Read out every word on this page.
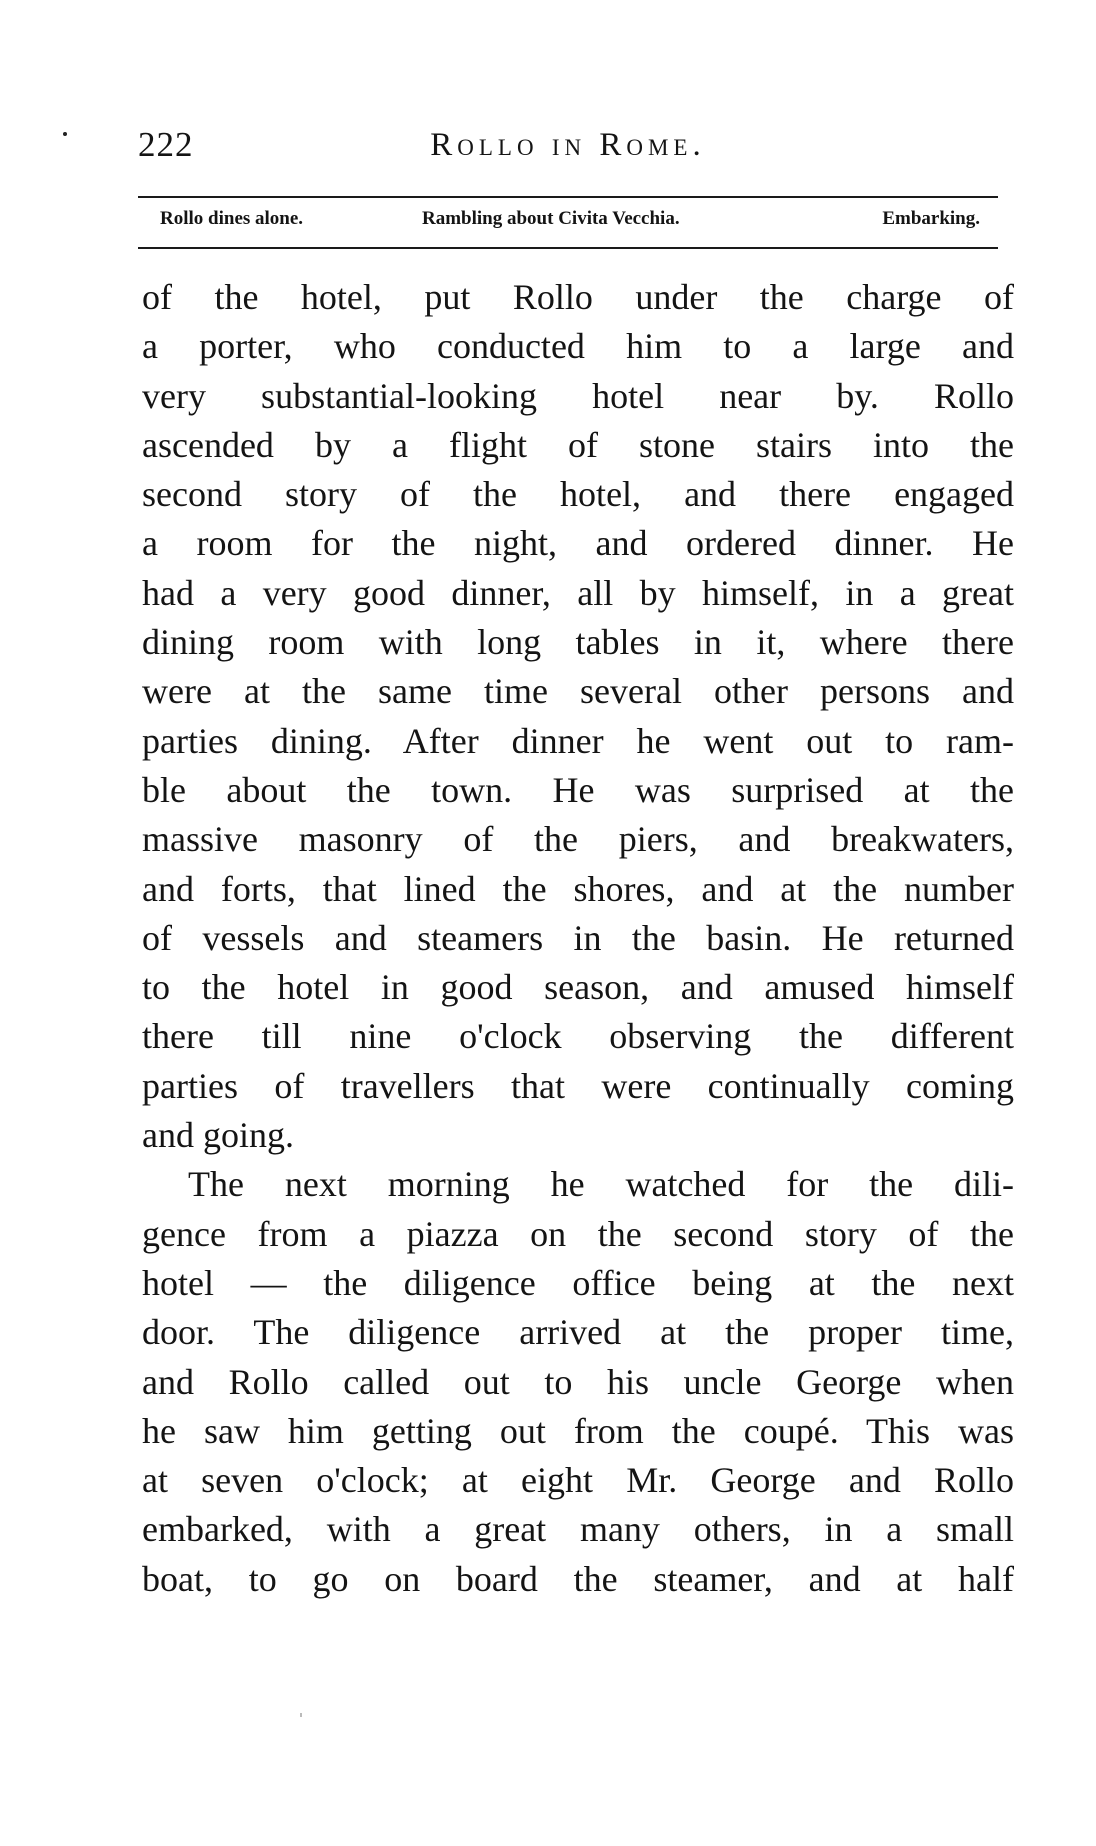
222	Rollo in Rome.
Rollo dines alone.	Rambling about Civita Vecchia.	Embarking.
of the hotel, put Rollo under the charge of
a porter, who conducted him to a large and
very substantial-looking hotel near by. Rollo
ascended by a flight of stone stairs into the
second story of the hotel, and there engaged
a room for the night, and ordered dinner. He
had a very good dinner, all by himself, in a great
dining room with long tables in it, where there
were at the same time several other persons and
parties dining. After dinner he went out to ram-
ble about the town. He was surprised at the
massive masonry of the piers, and breakwaters,
and forts, that lined the shores, and at the number
of vessels and steamers in the basin. He returned
to the hotel in good season, and amused himself
there till nine o'clock observing the different
parties of travellers that were continually coming
and going.
The next morning he watched for the dili-
gence from a piazza on the second story of the
hotel — the diligence office being at the next
door. The diligence arrived at the proper time,
and Rollo called out to his uncle George when
he saw him getting out from the coupé. This was
at seven o'clock; at eight Mr. George and Rollo
embarked, with a great many others, in a small
boat, to go on board the steamer, and at half
